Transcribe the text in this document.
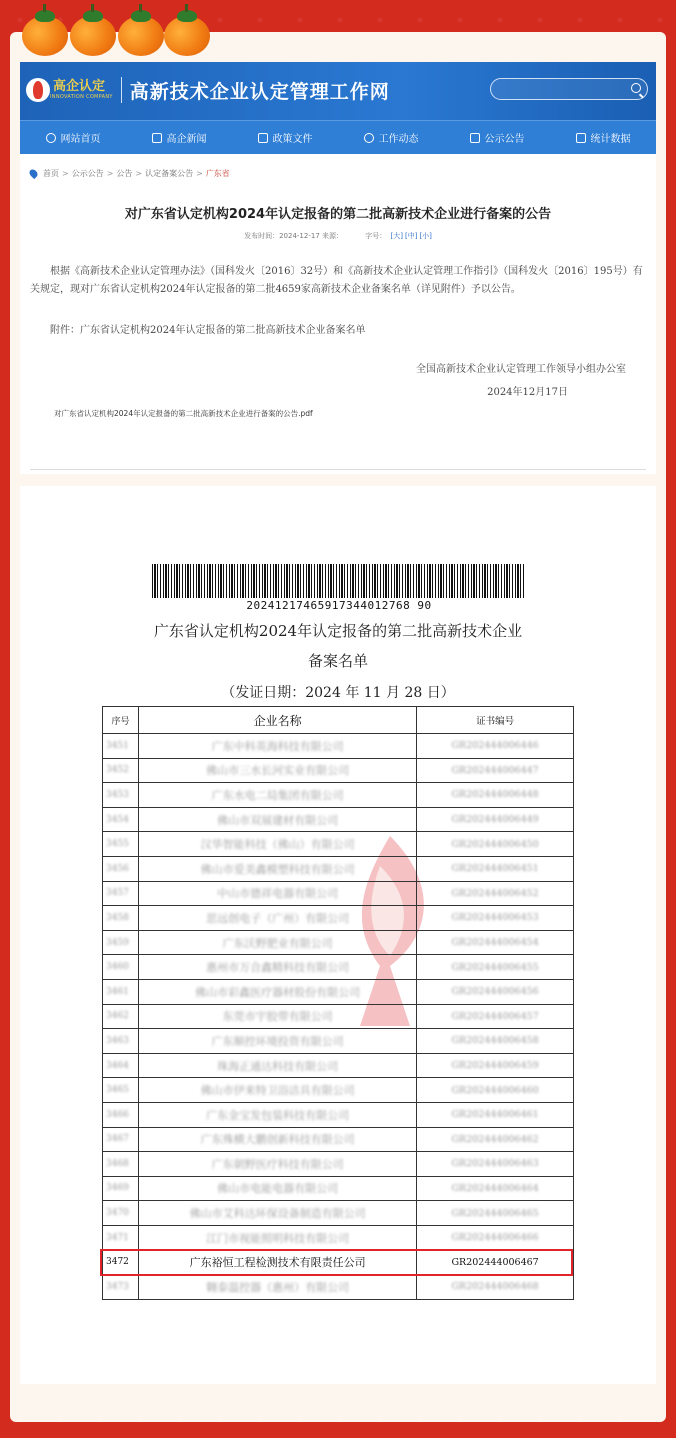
高企认定
INNOVATION COMPANY 高新技术企业认定管理工作网
网站首页	高企新闻	政策文件	工作动态	公示公告	统计数据
首页 > 公示公告 > 公告 > 认定备案公告 > 广东省
对广东省认定机构2024年认定报备的第二批高新技术企业进行备案的公告
发布时间：2024-12-17 来源：	字号： [大] [中] [小]

根据《高新技术企业认定管理办法》（国科发火〔2016〕32号）和《高新技术企业认定管理工作指引》（国科发火〔2016〕195号）有关规定，现对广东省认定机构2024年认定报备的第二批4659家高新技术企业备案名单（详见附件）予以公告。

附件：广东省认定机构2024年认定报备的第二批高新技术企业备案名单

全国高新技术企业认定管理工作领导小组办公室
2024年12月17日
对广东省认定机构2024年认定报备的第二批高新技术企业进行备案的公告.pdf
20241217465917344012768 90
广东省认定机构2024年认定报备的第二批高新技术企业
备案名单
（发证日期：2024 年 11 月 28 日）
序号	企业名称	证书编号
3451	广东中科英海科技有限公司	GR202444006446
3452	佛山市三水长河实业有限公司	GR202444006447
3453	广东水电二局集团有限公司	GR202444006448
3454	佛山市双展建材有限公司	GR202444006449
3455	汉华智能科技（佛山）有限公司	GR202444006450
3456	佛山市爱美鑫模塑科技有限公司	GR202444006451
3457	中山市德祥电器有限公司	GR202444006452
3458	思远创电子（广州）有限公司	GR202444006453
3459	广东沃野肥业有限公司	GR202444006454
3460	惠州市万合鑫精科技有限公司	GR202444006455
3461	佛山市彩鑫医疗器材股份有限公司	GR202444006456
3462	东莞市宇胶带有限公司	GR202444006457
3463	广东顺控环境投资有限公司	GR202444006458
3464	珠海正通达科技有限公司	GR202444006459
3465	佛山市伊来特卫浴洁具有限公司	GR202444006460
3466	广东金宝发包装科技有限公司	GR202444006461
3467	广东殊横大鹏创新科技有限公司	GR202444006462
3468	广东朝野医疗科技有限公司	GR202444006463
3469	佛山市电能电器有限公司	GR202444006464
3470	佛山市艾科达环保设备制造有限公司	GR202444006465
3471	江门市视能照明科技有限公司	GR202444006466
3472	广东裕恒工程检测技术有限责任公司	GR202444006467
3473	翱泰温控器（惠州）有限公司	GR202444006468
